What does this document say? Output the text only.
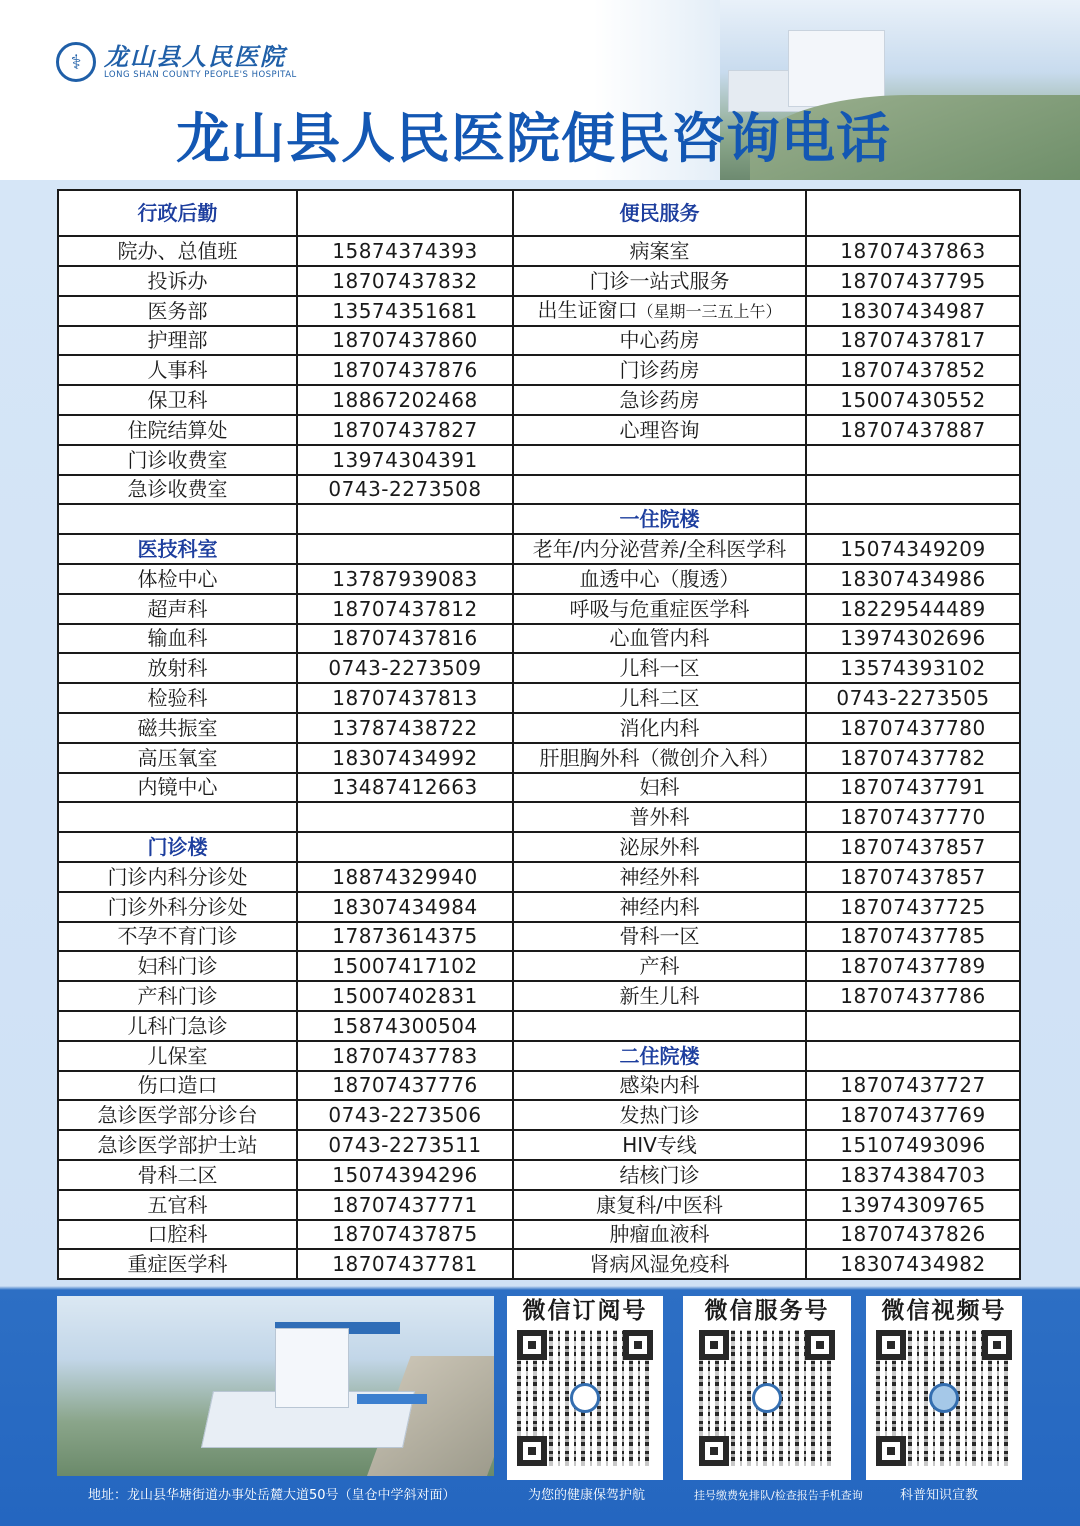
⚕ 龙山县人民医院
LONG SHAN COUNTY PEOPLE'S HOSPITAL
龙山县人民医院便民咨询电话
行政后勤		便民服务	
院办、总值班	15874374393	病案室	18707437863
投诉办	18707437832	门诊一站式服务	18707437795
医务部	13574351681	出生证窗口（星期一三五上午）	18307434987
护理部	18707437860	中心药房	18707437817
人事科	18707437876	门诊药房	18707437852
保卫科	18867202468	急诊药房	15007430552
住院结算处	18707437827	心理咨询	18707437887
门诊收费室	13974304391		
急诊收费室	0743-2273508		
		一住院楼	
医技科室		老年/内分泌营养/全科医学科	15074349209
体检中心	13787939083	血透中心（腹透）	18307434986
超声科	18707437812	呼吸与危重症医学科	18229544489
输血科	18707437816	心血管内科	13974302696
放射科	0743-2273509	儿科一区	13574393102
检验科	18707437813	儿科二区	0743-2273505
磁共振室	13787438722	消化内科	18707437780
高压氧室	18307434992	肝胆胸外科（微创介入科）	18707437782
内镜中心	13487412663	妇科	18707437791
		普外科	18707437770
门诊楼		泌尿外科	18707437857
门诊内科分诊处	18874329940	神经外科	18707437857
门诊外科分诊处	18307434984	神经内科	18707437725
不孕不育门诊	17873614375	骨科一区	18707437785
妇科门诊	15007417102	产科	18707437789
产科门诊	15007402831	新生儿科	18707437786
儿科门急诊	15874300504		
儿保室	18707437783	二住院楼	
伤口造口	18707437776	感染内科	18707437727
急诊医学部分诊台	0743-2273506	发热门诊	18707437769
急诊医学部护士站	0743-2273511	HIV专线	15107493096
骨科二区	15074394296	结核门诊	18374384703
五官科	18707437771	康复科/中医科	13974309765
口腔科	18707437875	肿瘤血液科	18707437826
重症医学科	18707437781	肾病风湿免疫科	18307434982
微信订阅号	微信服务号	微信视频号
地址：龙山县华塘街道办事处岳麓大道50号（皇仓中学斜对面）	为您的健康保驾护航	挂号缴费免排队/检查报告手机查询	科普知识宣教
